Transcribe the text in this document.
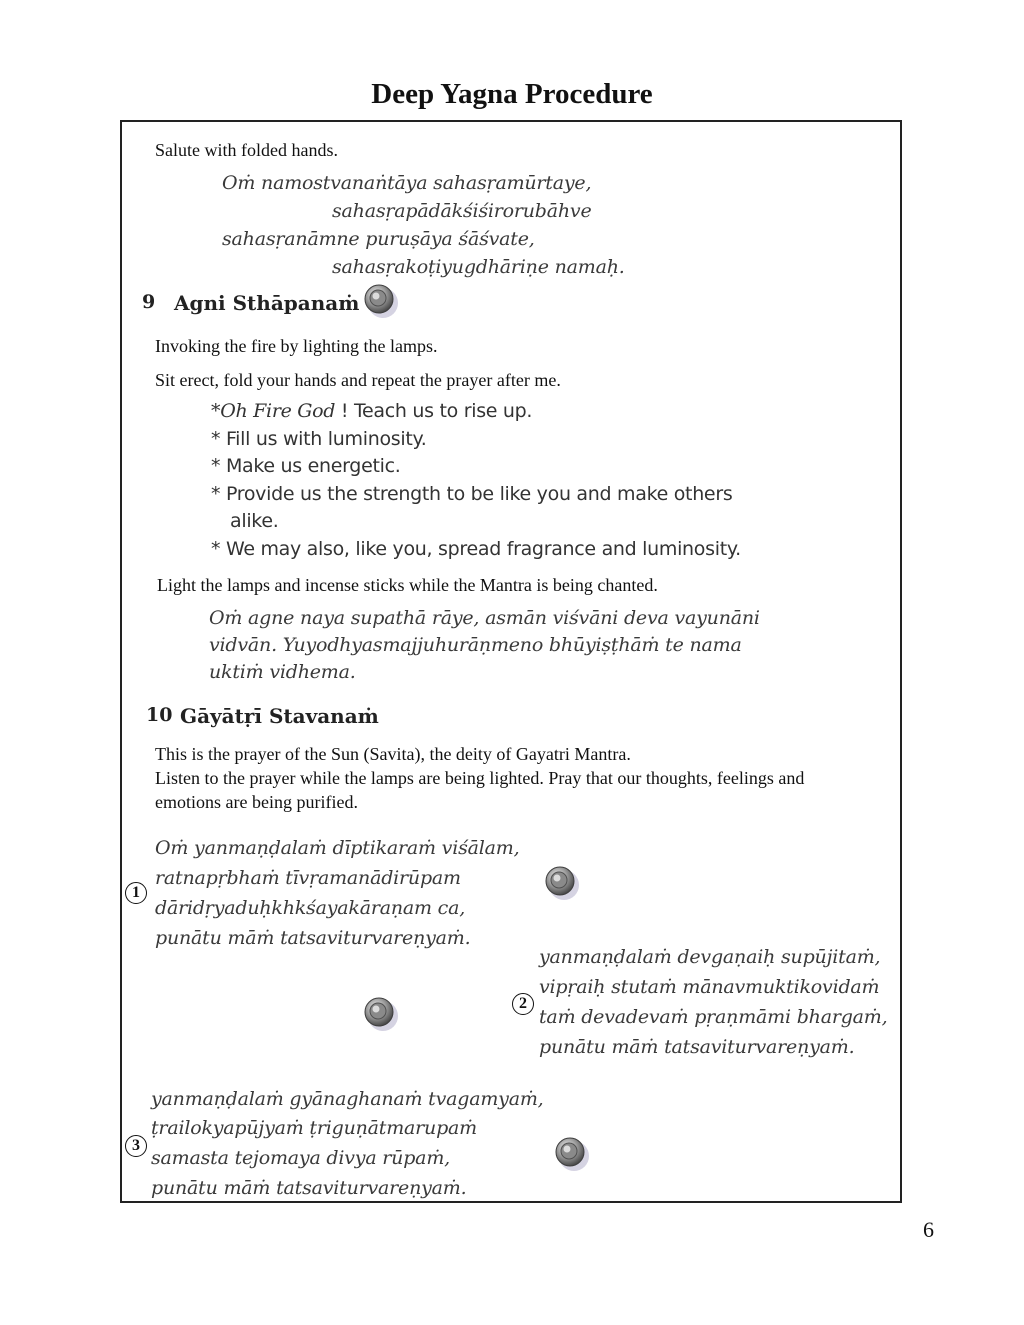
Deep Yagna Procedure
Salute with folded hands.
Oṁ namostvanaṅtāya sahasṛamūrtaye,
sahasṛapādākśiśirorubāhve
sahasṛanāmne puruṣāya śāśvate,
sahasṛakoṭiyugdhāriṇe namaḥ.
9 Agni Sthāpanaṁ
Invoking the fire by lighting the lamps.
Sit erect, fold your hands and repeat the prayer after me.
*Oh Fire God ! Teach us to rise up.
* Fill us with luminosity.
* Make us energetic.
* Provide us the strength to be like you and make others
alike.
* We may also, like you, spread fragrance and luminosity.
Light the lamps and incense sticks while the Mantra is being chanted.
Oṁ agne naya supathā rāye, asmān viśvāni deva vayunāni
vidvān. Yuyodhyasmajjuhurāṇmeno bhūyiṣṭhāṁ te nama
uktiṁ vidhema.
10 Gāyātṛī Stavanaṁ
This is the prayer of the Sun (Savita), the deity of Gayatri Mantra.
Listen to the prayer while the lamps are being lighted. Pray that our thoughts, feelings and
emotions are being purified.
1
Oṁ yanmaṇḍalaṁ dīptikaraṁ viśālam,
ratnapṛbhaṁ tīvṛamanādirūpam
dāridṛyaduḥkhkśayakāraṇam ca,
punātu māṁ tatsaviturvareṇyaṁ.
2
yanmaṇḍalaṁ devgaṇaiḥ supūjitaṁ,
vipṛaiḥ stutaṁ mānavmuktikovidaṁ
taṁ devadevaṁ pṛaṇmāmi bhargaṁ,
punātu māṁ tatsaviturvareṇyaṁ.
3
yanmaṇḍalaṁ gyānaghanaṁ tvagamyaṁ,
ṭrailokyapūjyaṁ ṭriguṇātmarupaṁ
samasta tejomaya divya rūpaṁ,
punātu māṁ tatsaviturvareṇyaṁ.
6
